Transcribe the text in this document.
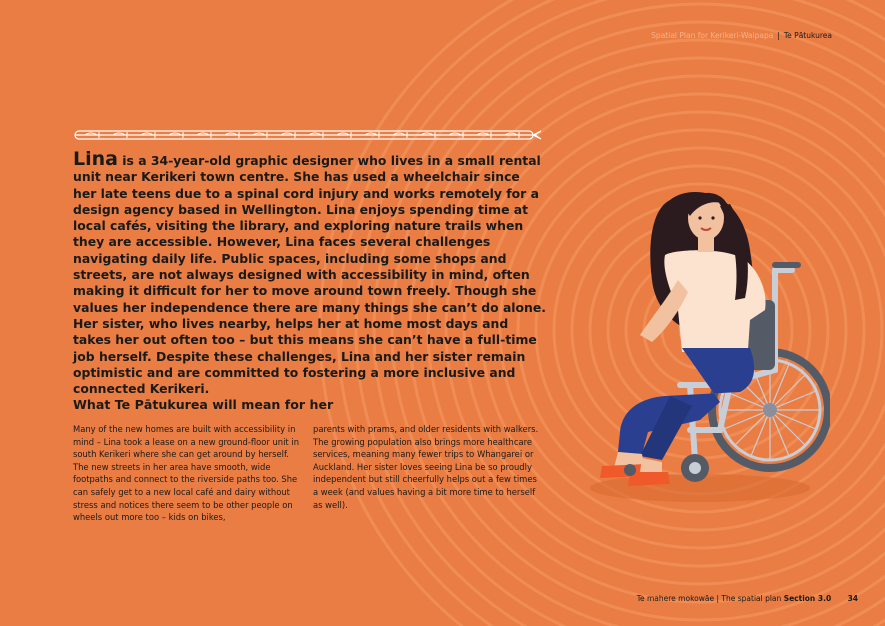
Spatial Plan for Kerikeri-Waipapa | Te Pātukurea

Lina is a 34-year-old graphic designer who lives in a small rental unit near Kerikeri town centre. She has used a wheelchair since her late teens due to a spinal cord injury and works remotely for a design agency based in Wellington. Lina enjoys spending time at local cafés, visiting the library, and exploring nature trails when they are accessible. However, Lina faces several challenges navigating daily life. Public spaces, including some shops and streets, are not always designed with accessibility in mind, often making it difficult for her to move around town freely. Though she values her independence there are many things she can’t do alone. Her sister, who lives nearby, helps her at home most days and takes her out often too – but this means she can’t have a full-time job herself. Despite these challenges, Lina and her sister remain optimistic and are committed to fostering a more inclusive and connected Kerikeri.

What Te Pātukurea will mean for her

Many of the new homes are built with accessibility in mind – Lina took a lease on a new ground-floor unit in south Kerikeri where she can get around by herself. The new streets in her area have smooth, wide footpaths and connect to the riverside paths too. She can safely get to a new local café and dairy without stress and notices there seem to be other people on wheels out more too – kids on bikes,

parents with prams, and older residents with walkers. The growing population also brings more healthcare services, meaning many fewer trips to Whangarei or Auckland. Her sister loves seeing Lina be so proudly independent but still cheerfully helps out a few times a week (and values having a bit more time to herself as well).

Te mahere mokowāe | The spatial plan Section 3.0 34
